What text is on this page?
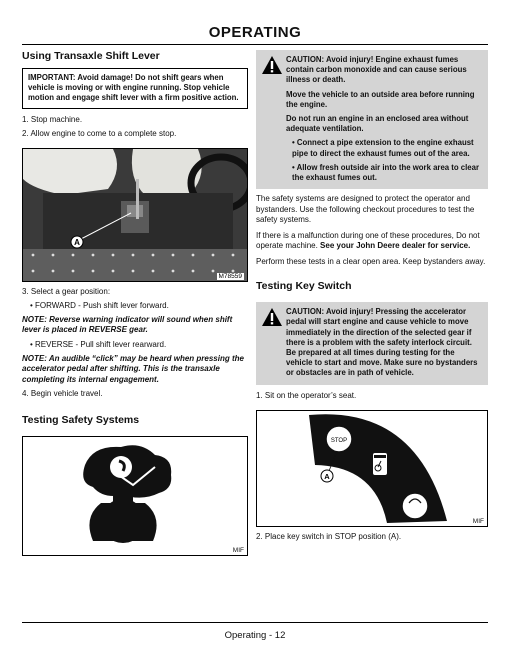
OPERATING
Using Transaxle Shift Lever
IMPORTANT: Avoid damage! Do not shift gears when vehicle is moving or with engine running. Stop vehicle motion and engage shift lever with a firm positive action.

1. Stop machine.

2. Allow engine to come to a complete stop.

A
M78559

3. Select a gear position:

• FORWARD - Push shift lever forward.

NOTE: Reverse warning indicator will sound when shift lever is placed in REVERSE gear.

• REVERSE - Pull shift lever rearward.

NOTE: An audible “click” may be heard when pressing the accelerator pedal after shifting. This is the transaxle completing its internal engagement.

4. Begin vehicle travel.

Testing Safety Systems
MIF

CAUTION: Avoid injury! Engine exhaust fumes contain carbon monoxide and can cause serious illness or death.

Move the vehicle to an outside area before running the engine.

Do not run an engine in an enclosed area without adequate ventilation.

• Connect a pipe extension to the engine exhaust pipe to direct the exhaust fumes out of the area.

• Allow fresh outside air into the work area to clear the exhaust fumes out.

The safety systems are designed to protect the operator and bystanders. Use the following checkout procedures to test the safety systems.

If there is a malfunction during one of these procedures, Do not operate machine. See your John Deere dealer for service.

Perform these tests in a clear open area. Keep bystanders away.

Testing Key Switch

CAUTION: Avoid injury! Pressing the accelerator pedal will start engine and cause vehicle to move immediately in the direction of the selected gear if there is a problem with the safety interlock circuit. Be prepared at all times during testing for the vehicle to start and move. Make sure no bystanders or obstacles are in path of vehicle.

1. Sit on the operator’s seat.

STOP
A
MIF

2. Place key switch in STOP position (A).

Operating - 12
